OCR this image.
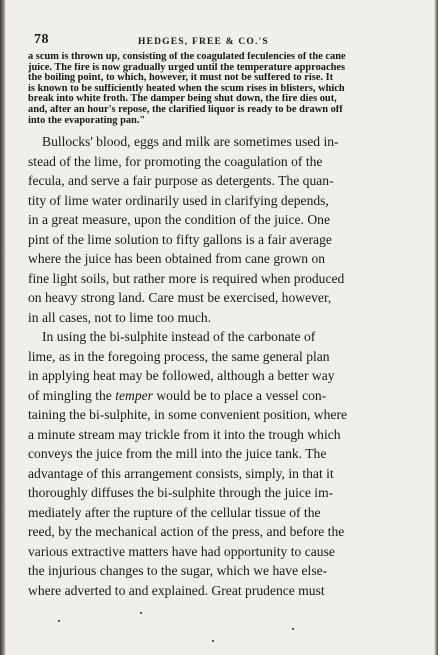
78	HEDGES, FREE & CO.'S
a scum is thrown up, consisting of the coagulated feculencies of the cane
juice. The fire is now gradually urged until the temperature approaches
the boiling point, to which, however, it must not be suffered to rise. It
is known to be sufficiently heated when the scum rises in blisters, which
break into white froth. The damper being shut down, the fire dies out,
and, after an hour's repose, the clarified liquor is ready to be drawn off
into the evaporating pan."
Bullocks' blood, eggs and milk are sometimes used in-
stead of the lime, for promoting the coagulation of the
fecula, and serve a fair purpose as detergents. The quan-
tity of lime water ordinarily used in clarifying depends,
in a great measure, upon the condition of the juice. One
pint of the lime solution to fifty gallons is a fair average
where the juice has been obtained from cane grown on
fine light soils, but rather more is required when produced
on heavy strong land. Care must be exercised, however,
in all cases, not to lime too much.
In using the bi-sulphite instead of the carbonate of
lime, as in the foregoing process, the same general plan
in applying heat may be followed, although a better way
of mingling the temper would be to place a vessel con-
taining the bi-sulphite, in some convenient position, where
a minute stream may trickle from it into the trough which
conveys the juice from the mill into the juice tank. The
advantage of this arrangement consists, simply, in that it
thoroughly diffuses the bi-sulphite through the juice im-
mediately after the rupture of the cellular tissue of the
reed, by the mechanical action of the press, and before the
various extractive matters have had opportunity to cause
the injurious changes to the sugar, which we have else-
where adverted to and explained. Great prudence must
